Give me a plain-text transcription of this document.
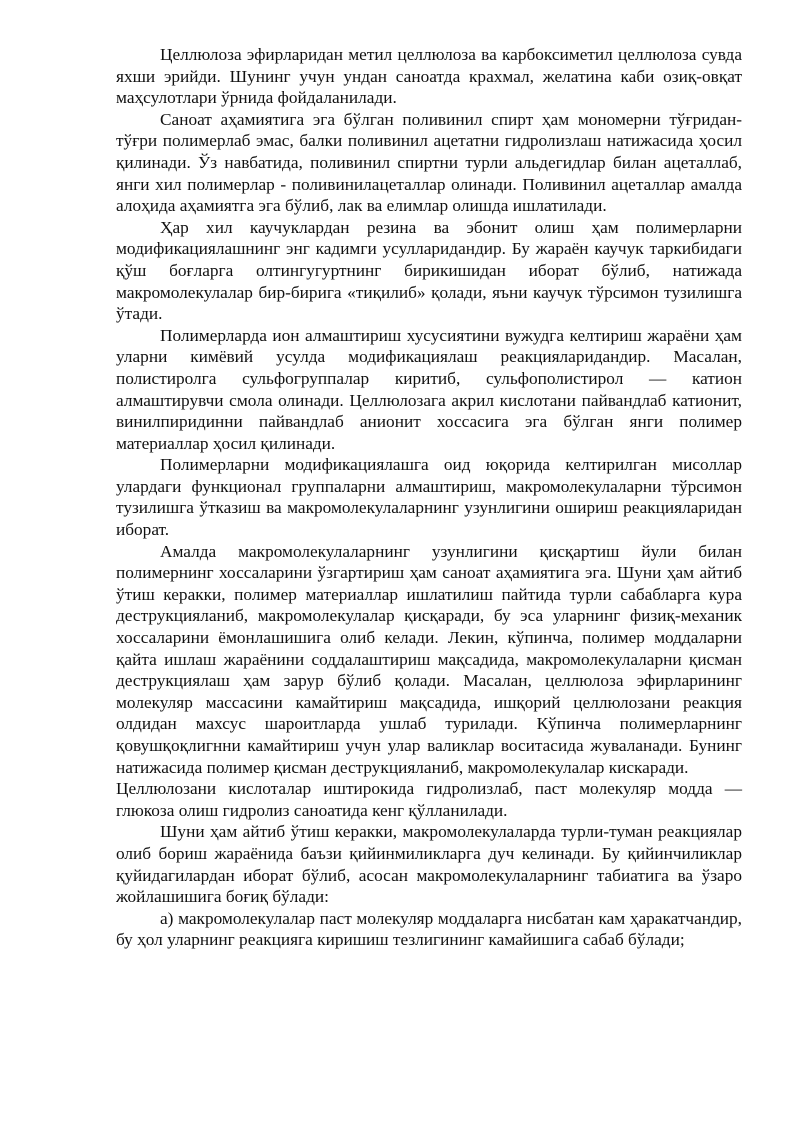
Целлюлоза эфирларидан метил целлюлоза ва карбоксиметил целлюлоза сувда яхши эрийди. Шунинг учун ундан саноатда крахмал, желатина каби озиқ-овқат маҳсулотлари ўрнида фойдаланилади.

Саноат аҳамиятига эга бўлган поливинил спирт ҳам мономерни тўғридан-тўғри полимерлаб эмас, балки поливинил ацетатни гидролизлаш натижасида ҳосил қилинади. Ўз навбатида, поливинил спиртни турли альдегидлар билан ацеталлаб, янги хил полимерлар - поливинилацеталлар олинади. Поливинил ацеталлар амалда алоҳида аҳамиятга эга бўлиб, лак ва елимлар олишда ишлатилади.

Ҳар хил каучуклардан резина ва эбонит олиш ҳам полимерларни модификациялашнинг энг кадимги усулларидандир. Бу жараён каучук таркибидаги қўш боғларга олтингугуртнинг бирикишидан иборат бўлиб, натижада макромолекулалар бир-бирига «тиқилиб» қолади, яъни каучук тўрсимон тузилишга ўтади.

Полимерларда ион алмаштириш хусусиятини вужудга келтириш жараёни ҳам уларни кимёвий усулда модификациялаш реакцияларидандир. Масалан, полистиролга сульфогруппалар киритиб, сульфополистирол — катион алмаштирувчи смола олинади. Целлюлозага акрил кислотани пайвандлаб катионит, винилпиридинни пайвандлаб анионит хоссасига эга бўлган янги полимер материаллар ҳосил қилинади.

Полимерларни модификациялашга оид юқорида келтирилган мисоллар улардаги функционал группаларни алмаштириш, макромолекулаларни тўрсимон тузилишга ўтказиш ва макромолекулаларнинг узунлигини ошириш реакцияларидан иборат.

Амалда макромолекулаларнинг узунлигини қисқартиш йули билан полимернинг хоссаларини ўзгартириш ҳам саноат аҳамиятига эга. Шуни ҳам айтиб ўтиш керакки, полимер материаллар ишлатилиш пайтида турли сабабларга кура деструкцияланиб, макромолекулалар қисқаради, бу эса уларнинг физиқ-механик хоссаларини ёмонлашишига олиб келади. Лекин, кўпинча, полимер моддаларни қайта ишлаш жараёнини соддалаштириш мақсадида, макромолекулаларни қисман деструкциялаш ҳам зарур бўлиб қолади. Масалан, целлюлоза эфирларининг молекуляр массасини камайтириш мақсадида, ишқорий целлюлозани реакция олдидан махсус шароитларда ушлаб турилади. Кўпинча полимерларнинг қовушқоқлигнни камайтириш учун улар валиклар воситасида жуваланади. Бунинг натижасида полимер қисман деструкцияланиб, макромолекулалар кискаради.

Целлюлозани кислоталар иштирокида гидролизлаб, паст молекуляр модда — глюкоза олиш гидролиз саноатида кенг қўлланилади.

Шуни ҳам айтиб ўтиш керакки, макромолекулаларда турли-туман реакциялар олиб бориш жараёнида баъзи қийинмиликларга дуч келинади. Бу қийинчиликлар қуйидагилардан иборат бўлиб, асосан макромолекулаларнинг табиатига ва ўзаро жойлашишига боғиқ бўлади:

а) макромолекулалар паст молекуляр моддаларга нисбатан кам ҳаракатчандир, бу ҳол уларнинг реакцияга киришиш тезлигининг камайишига сабаб бўлади;
